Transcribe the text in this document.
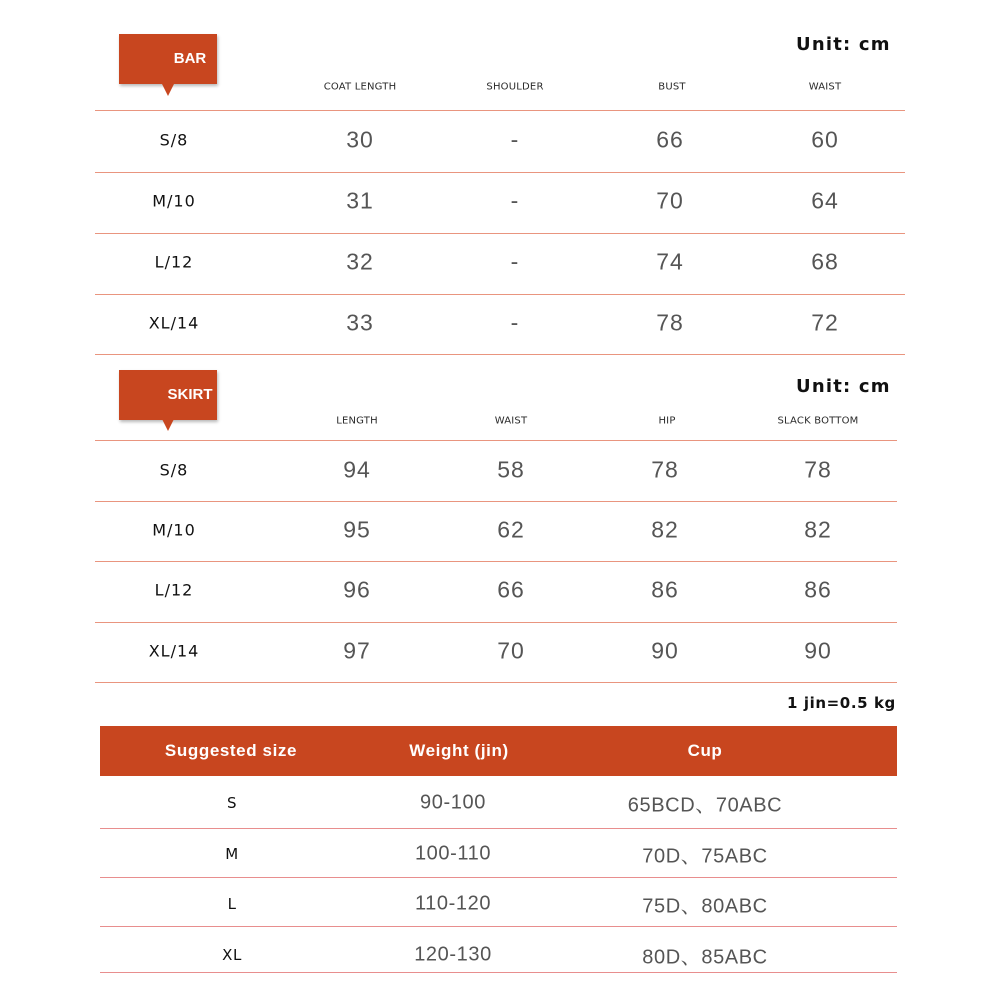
BAR
Unit: cm
COAT LENGTH	SHOULDER	BUST	WAIST
S/8	30	-	66	60
M/10	31	-	70	64
L/12	32	-	74	68
XL/14	33	-	78	72
SKIRT	Unit: cm
LENGTH	WAIST	HIP	SLACK BOTTOM
S/8	94	58	78	78
M/10	95	62	82	82
L/12	96	66	86	86
XL/14	97	70	90	90
1 jin=0.5 kg
Suggested size	Weight (jin)	Cup
S	90-100	65BCD、70ABC
M	100-110	70D、75ABC
L	110-120	75D、80ABC
XL	120-130	80D、85ABC
